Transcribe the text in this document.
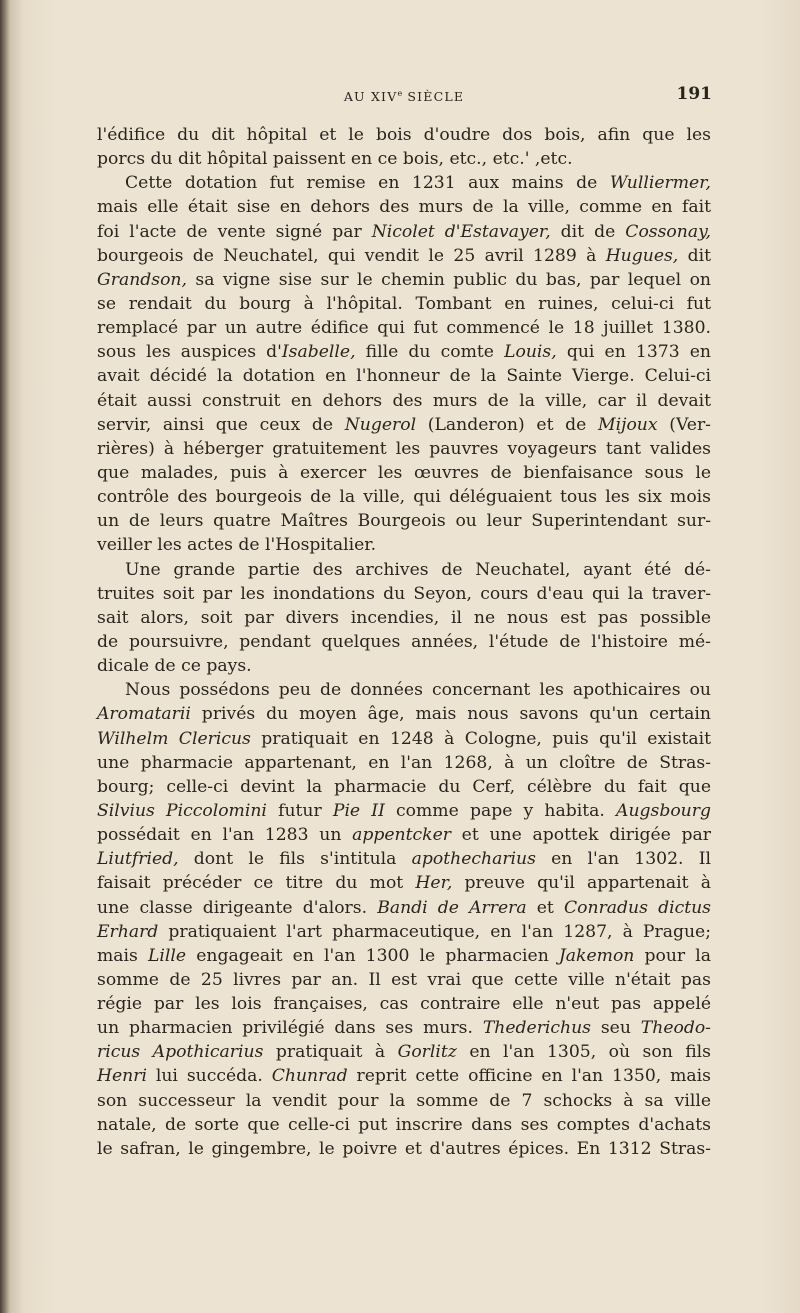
AU XIVe SIÈCLE	191
l'édifice du dit hôpital et le bois d'oudre dos bois, afin que les
porcs du dit hôpital paissent en ce bois, etc., etc.' ,etc.
Cette dotation fut remise en 1231 aux mains de Wulliermer,
mais elle était sise en dehors des murs de la ville, comme en fait
foi l'acte de vente signé par Nicolet d'Estavayer, dit de Cossonay,
bourgeois de Neuchatel, qui vendit le 25 avril 1289 à Hugues, dit
Grandson, sa vigne sise sur le chemin public du bas, par lequel on
se rendait du bourg à l'hôpital. Tombant en ruines, celui-ci fut
remplacé par un autre édifice qui fut commencé le 18 juillet 1380.
sous les auspices d'Isabelle, fille du comte Louis, qui en 1373 en
avait décidé la dotation en l'honneur de la Sainte Vierge. Celui-ci
était aussi construit en dehors des murs de la ville, car il devait
servir, ainsi que ceux de Nugerol (Landeron) et de Mijoux (Ver-
rières) à héberger gratuitement les pauvres voyageurs tant valides
que malades, puis à exercer les œuvres de bienfaisance sous le
contrôle des bourgeois de la ville, qui déléguaient tous les six mois
un de leurs quatre Maîtres Bourgeois ou leur Superintendant sur-
veiller les actes de l'Hospitalier.
Une grande partie des archives de Neuchatel, ayant été dé-
truites soit par les inondations du Seyon, cours d'eau qui la traver-
sait alors, soit par divers incendies, il ne nous est pas possible
de poursuivre, pendant quelques années, l'étude de l'histoire mé-
dicale de ce pays.
Nous possédons peu de données concernant les apothicaires ou
Aromatarii privés du moyen âge, mais nous savons qu'un certain
Wilhelm Clericus pratiquait en 1248 à Cologne, puis qu'il existait
une pharmacie appartenant, en l'an 1268, à un cloître de Stras-
bourg; celle-ci devint la pharmacie du Cerf, célèbre du fait que
Silvius Piccolomini futur Pie II comme pape y habita. Augsbourg
possédait en l'an 1283 un appentcker et une apottek dirigée par
Liutfried, dont le fils s'intitula apothecharius en l'an 1302. Il
faisait précéder ce titre du mot Her, preuve qu'il appartenait à
une classe dirigeante d'alors. Bandi de Arrera et Conradus dictus
Erhard pratiquaient l'art pharmaceutique, en l'an 1287, à Prague;
mais Lille engageait en l'an 1300 le pharmacien Jakemon pour la
somme de 25 livres par an. Il est vrai que cette ville n'était pas
régie par les lois françaises, cas contraire elle n'eut pas appelé
un pharmacien privilégié dans ses murs. Thederichus seu Theodo-
ricus Apothicarius pratiquait à Gorlitz en l'an 1305, où son fils
Henri lui succéda. Chunrad reprit cette officine en l'an 1350, mais
son successeur la vendit pour la somme de 7 schocks à sa ville
natale, de sorte que celle-ci put inscrire dans ses comptes d'achats
le safran, le gingembre, le poivre et d'autres épices. En 1312 Stras-
